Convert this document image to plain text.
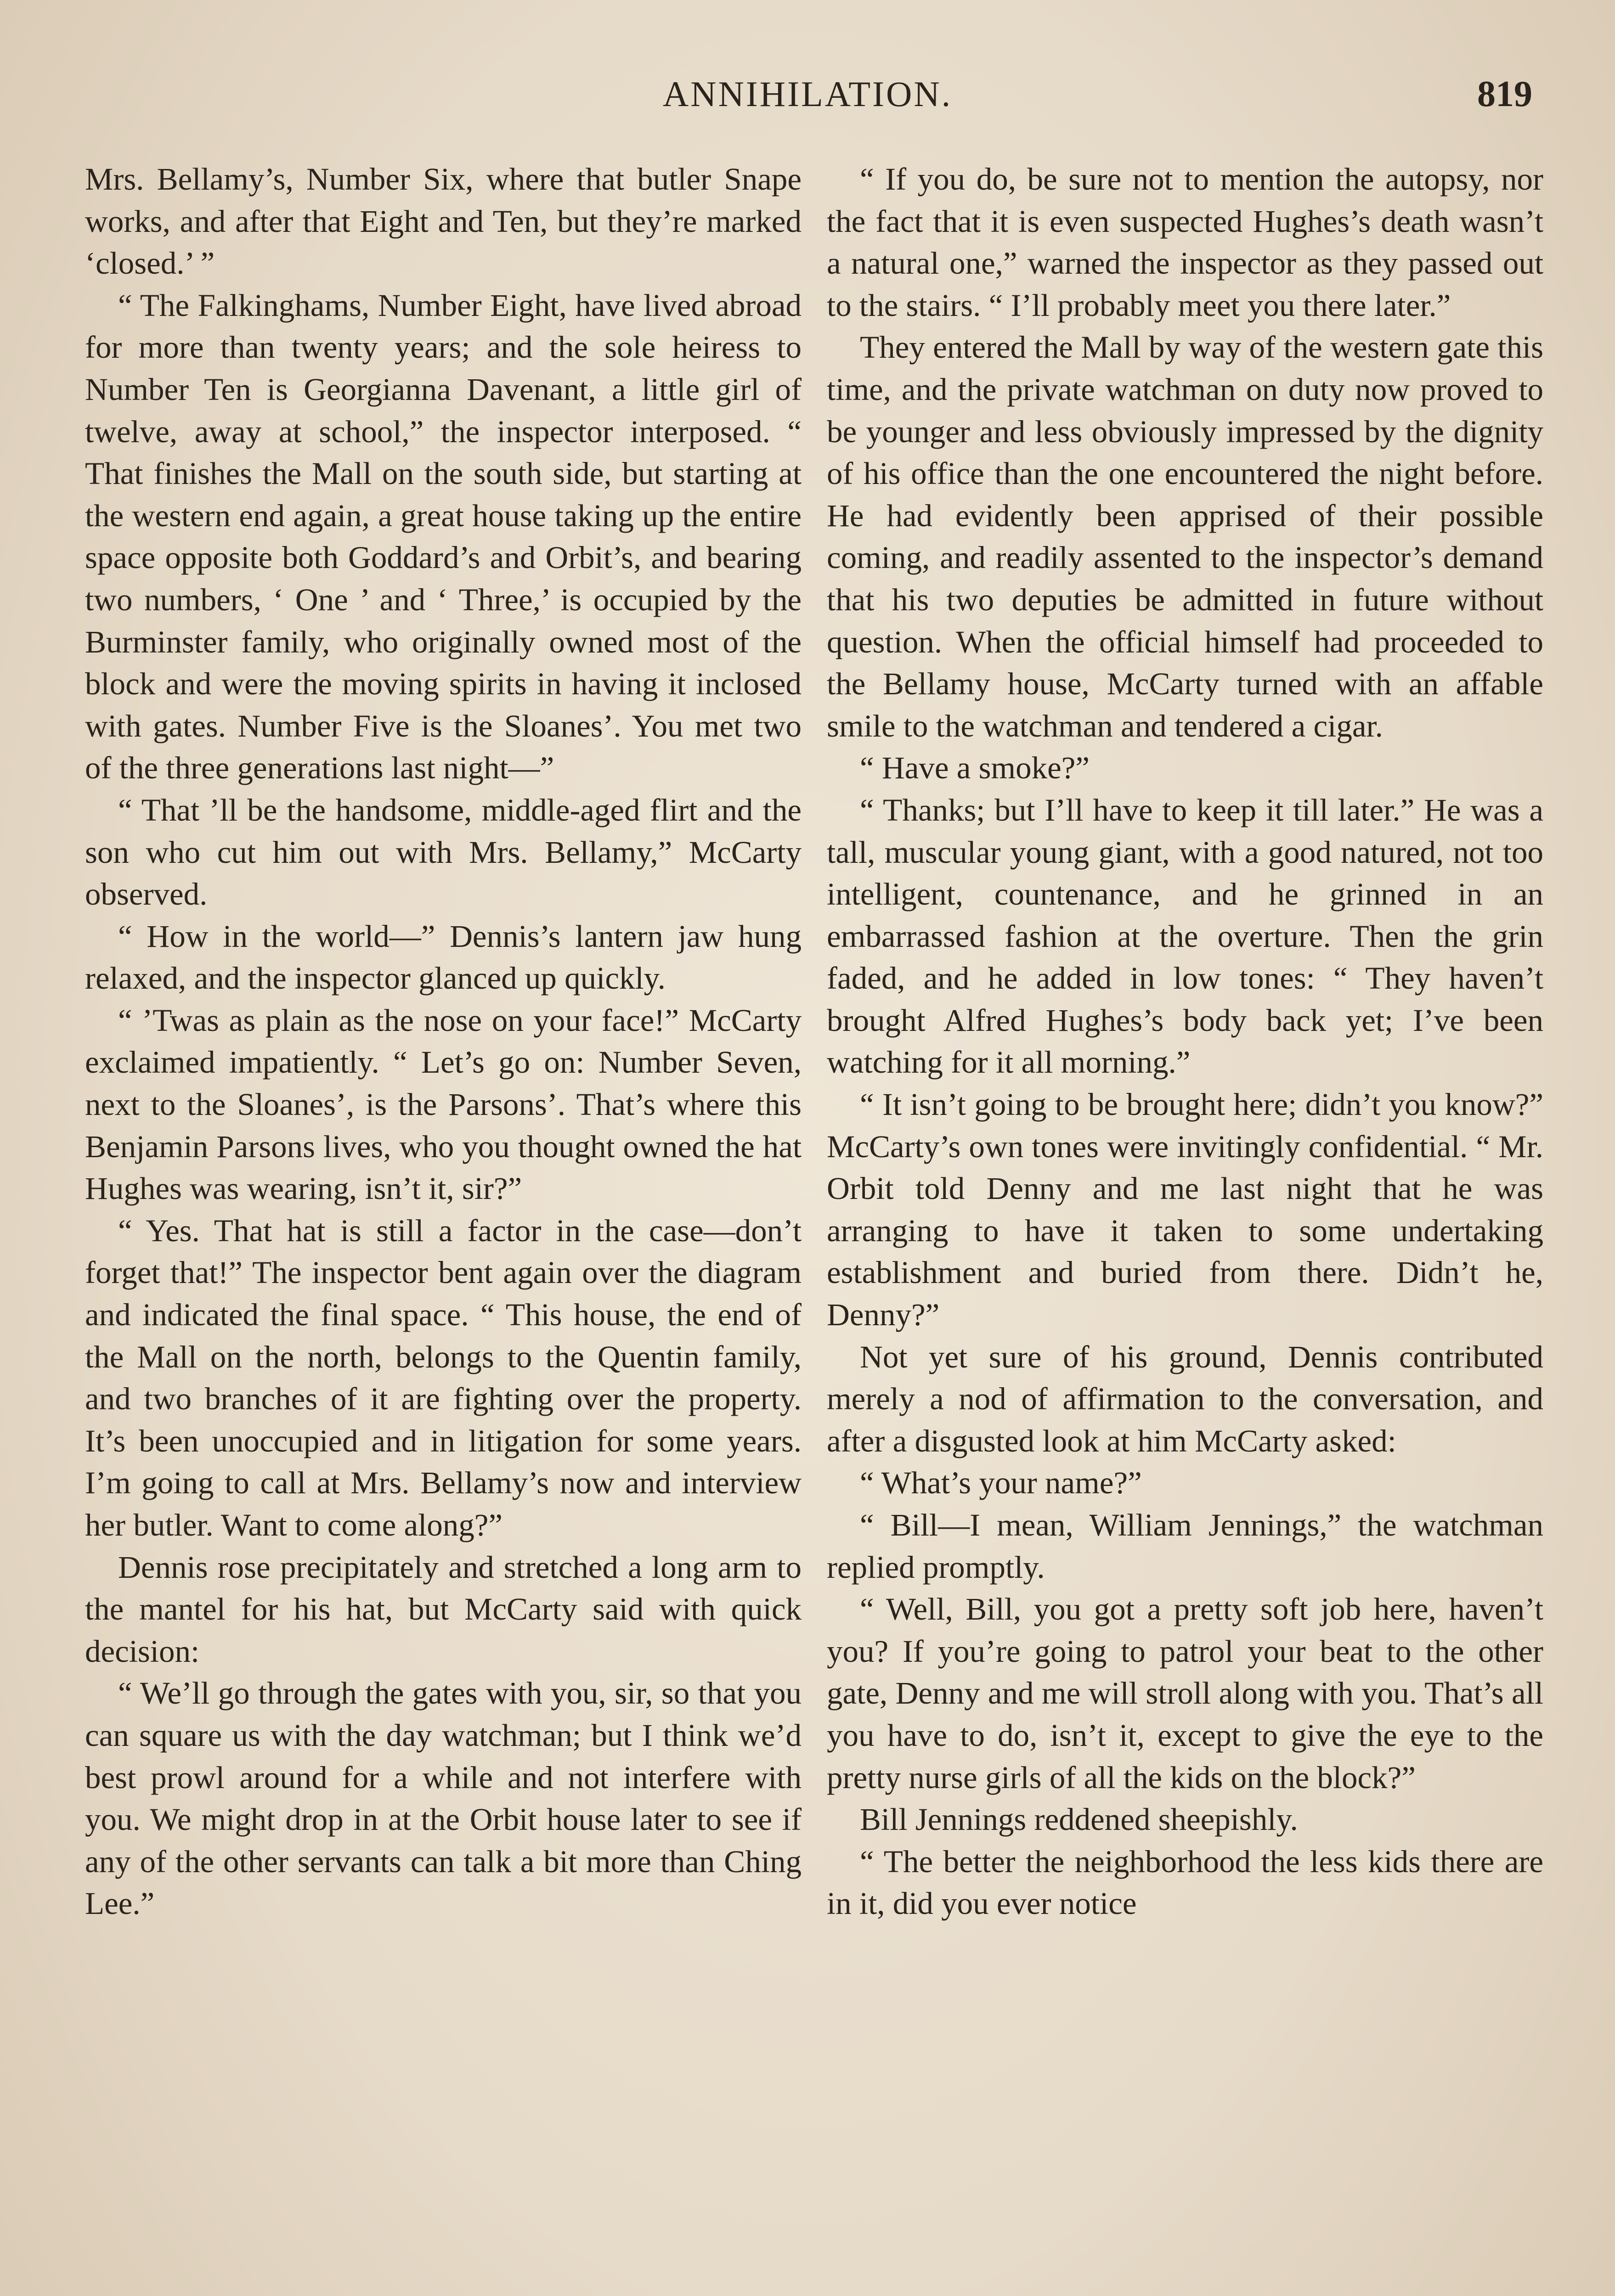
ANNIHILATION.	819

Mrs. Bellamy’s, Number Six, where that butler Snape works, and after that Eight and Ten, but they’re marked ‘closed.’ ”

“ The Falkinghams, Number Eight, have lived abroad for more than twenty years; and the sole heiress to Number Ten is Georgianna Davenant, a little girl of twelve, away at school,” the inspector interposed. “ That finishes the Mall on the south side, but starting at the western end again, a great house taking up the entire space opposite both Goddard’s and Orbit’s, and bearing two numbers, ‘ One ’ and ‘ Three,’ is occupied by the Burminster family, who originally owned most of the block and were the moving spirits in having it inclosed with gates. Number Five is the Sloanes’. You met two of the three generations last night—”

“ That ’ll be the handsome, middle-aged flirt and the son who cut him out with Mrs. Bellamy,” McCarty observed.

“ How in the world—” Dennis’s lantern jaw hung relaxed, and the inspector glanced up quickly.

“ ’Twas as plain as the nose on your face!” McCarty exclaimed impatiently. “ Let’s go on: Number Seven, next to the Sloanes’, is the Parsons’. That’s where this Benjamin Parsons lives, who you thought owned the hat Hughes was wearing, isn’t it, sir?”

“ Yes. That hat is still a factor in the case—don’t forget that!” The inspector bent again over the diagram and indicated the final space. “ This house, the end of the Mall on the north, belongs to the Quentin family, and two branches of it are fighting over the property. It’s been unoccupied and in litigation for some years. I’m going to call at Mrs. Bellamy’s now and interview her butler. Want to come along?”

Dennis rose precipitately and stretched a long arm to the mantel for his hat, but McCarty said with quick decision:

“ We’ll go through the gates with you, sir, so that you can square us with the day watchman; but I think we’d best prowl around for a while and not interfere with you. We might drop in at the Orbit house later to see if any of the other servants can talk a bit more than Ching Lee.”

“ If you do, be sure not to mention the autopsy, nor the fact that it is even suspected Hughes’s death wasn’t a natural one,” warned the inspector as they passed out to the stairs. “ I’ll probably meet you there later.”

They entered the Mall by way of the western gate this time, and the private watchman on duty now proved to be younger and less obviously impressed by the dignity of his office than the one encountered the night before. He had evidently been apprised of their possible coming, and readily assented to the inspector’s demand that his two deputies be admitted in future without question. When the official himself had proceeded to the Bellamy house, McCarty turned with an affable smile to the watchman and tendered a cigar.

“ Have a smoke?”

“ Thanks; but I’ll have to keep it till later.” He was a tall, muscular young giant, with a good natured, not too intelligent, countenance, and he grinned in an embarrassed fashion at the overture. Then the grin faded, and he added in low tones: “ They haven’t brought Alfred Hughes’s body back yet; I’ve been watching for it all morning.”

“ It isn’t going to be brought here; didn’t you know?” McCarty’s own tones were invitingly confidential. “ Mr. Orbit told Denny and me last night that he was arranging to have it taken to some undertaking establishment and buried from there. Didn’t he, Denny?”

Not yet sure of his ground, Dennis contributed merely a nod of affirmation to the conversation, and after a disgusted look at him McCarty asked:

“ What’s your name?”

“ Bill—I mean, William Jennings,” the watchman replied promptly.

“ Well, Bill, you got a pretty soft job here, haven’t you? If you’re going to patrol your beat to the other gate, Denny and me will stroll along with you. That’s all you have to do, isn’t it, except to give the eye to the pretty nurse girls of all the kids on the block?”

Bill Jennings reddened sheepishly.

“ The better the neighborhood the less kids there are in it, did you ever notice
